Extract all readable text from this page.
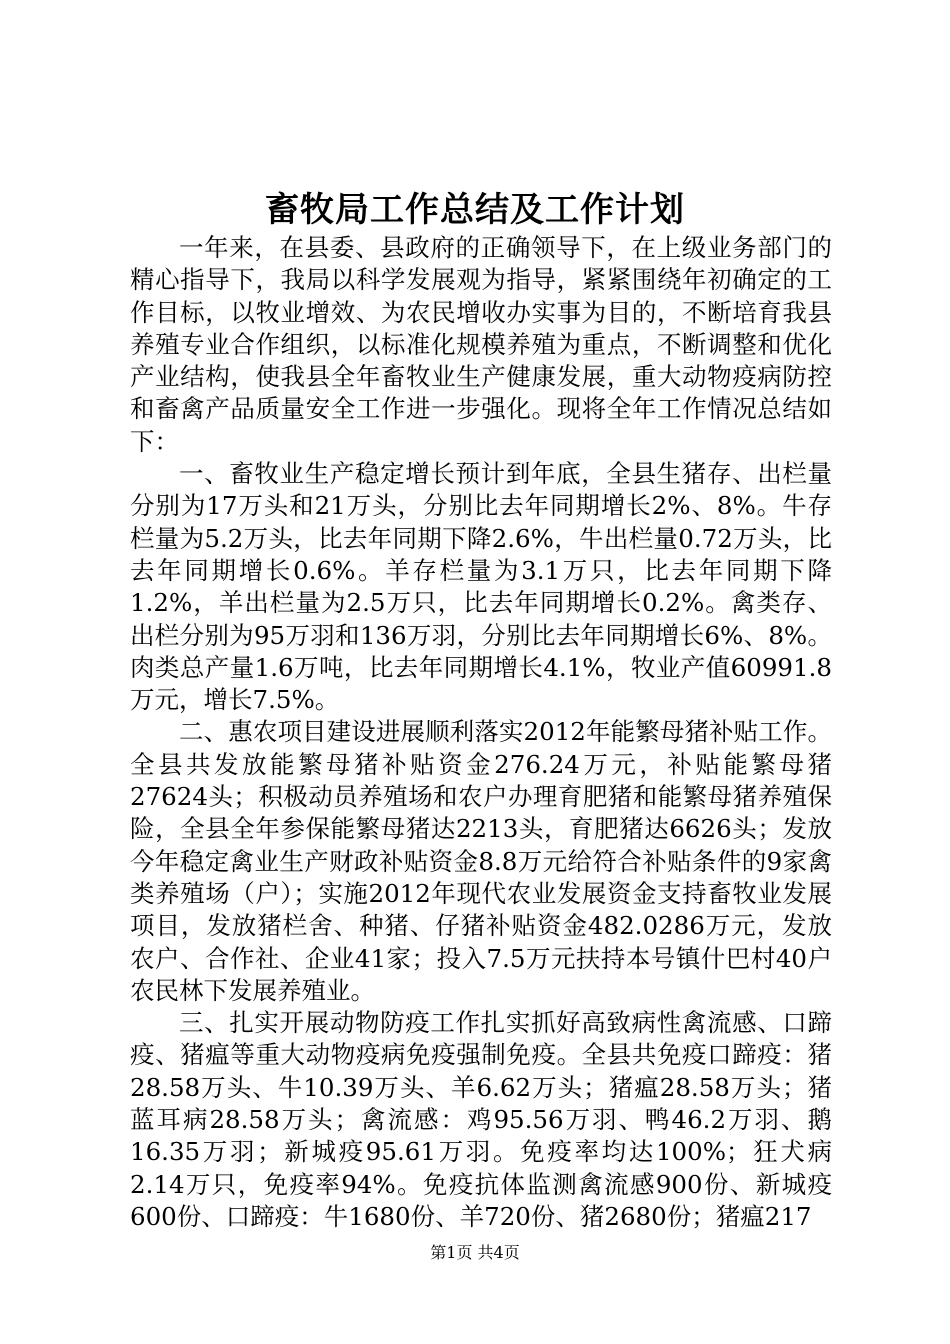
畜牧局工作总结及工作计划

一年来，在县委、县政府的正确领导下，在上级业务部门的精心指导下，我局以科学发展观为指导，紧紧围绕年初确定的工作目标，以牧业增效、为农民增收办实事为目的，不断培育我县养殖专业合作组织，以标准化规模养殖为重点，不断调整和优化产业结构，使我县全年畜牧业生产健康发展，重大动物疫病防控和畜禽产品质量安全工作进一步强化。现将全年工作情况总结如下：

一、畜牧业生产稳定增长预计到年底，全县生猪存、出栏量分别为17万头和21万头，分别比去年同期增长2%、8%。牛存栏量为5.2万头，比去年同期下降2.6%，牛出栏量0.72万头，比去年同期增长0.6%。羊存栏量为3.1万只，比去年同期下降1.2%，羊出栏量为2.5万只，比去年同期增长0.2%。禽类存、出栏分别为95万羽和136万羽，分别比去年同期增长6%、8%。肉类总产量1.6万吨，比去年同期增长4.1%，牧业产值60991.8万元，增长7.5%。

二、惠农项目建设进展顺利落实2012年能繁母猪补贴工作。全县共发放能繁母猪补贴资金276.24万元，补贴能繁母猪27624头；积极动员养殖场和农户办理育肥猪和能繁母猪养殖保险，全县全年参保能繁母猪达2213头，育肥猪达6626头；发放今年稳定禽业生产财政补贴资金8.8万元给符合补贴条件的9家禽类养殖场（户）；实施2012年现代农业发展资金支持畜牧业发展项目，发放猪栏舍、种猪、仔猪补贴资金482.0286万元，发放农户、合作社、企业41家；投入7.5万元扶持本号镇什巴村40户农民林下发展养殖业。

三、扎实开展动物防疫工作扎实抓好高致病性禽流感、口蹄疫、猪瘟等重大动物疫病免疫强制免疫。全县共免疫口蹄疫：猪28.58万头、牛10.39万头、羊6.62万头；猪瘟28.58万头；猪蓝耳病28.58万头；禽流感：鸡95.56万羽、鸭46.2万羽、鹅16.35万羽；新城疫95.61万羽。免疫率均达100%；狂犬病2.14万只，免疫率94%。免疫抗体监测禽流感900份、新城疫600份、口蹄疫：牛1680份、羊720份、猪2680份；猪瘟217

第1页 共4页
